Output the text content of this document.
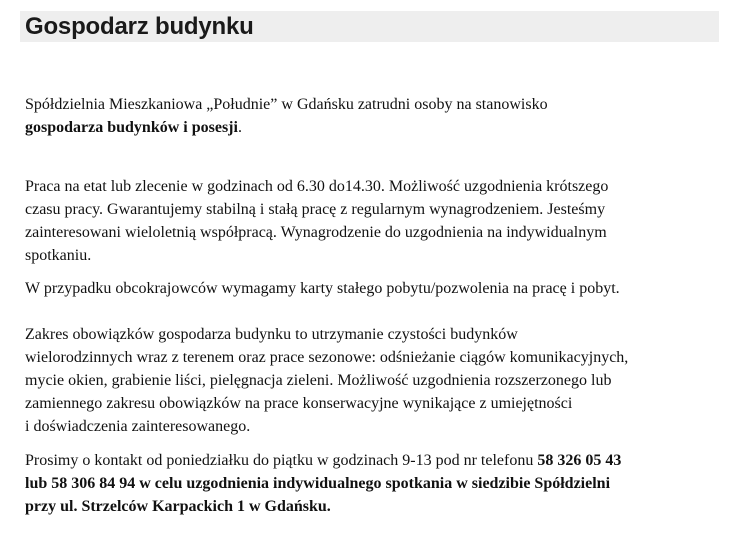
Gospodarz budynku

Spółdzielnia Mieszkaniowa „Południe” w Gdańsku zatrudni osoby na stanowisko
gospodarza budynków i posesji.

Praca na etat lub zlecenie w godzinach od 6.30 do14.30. Możliwość uzgodnienia krótszego
czasu pracy. Gwarantujemy stabilną i stałą pracę z regularnym wynagrodzeniem. Jesteśmy
zainteresowani wieloletnią współpracą. Wynagrodzenie do uzgodnienia na indywidualnym
spotkaniu.

W przypadku obcokrajowców wymagamy karty stałego pobytu/pozwolenia na pracę i pobyt.

Zakres obowiązków gospodarza budynku to utrzymanie czystości budynków
wielorodzinnych wraz z terenem oraz prace sezonowe: odśnieżanie ciągów komunikacyjnych,
mycie okien, grabienie liści, pielęgnacja zieleni. Możliwość uzgodnienia rozszerzonego lub
zamiennego zakresu obowiązków na prace konserwacyjne wynikające z umiejętności
i doświadczenia zainteresowanego.

Prosimy o kontakt od poniedziałku do piątku w godzinach 9-13 pod nr telefonu 58 326 05 43
lub 58 306 84 94 w celu uzgodnienia indywidualnego spotkania w siedzibie Spółdzielni
przy ul. Strzelców Karpackich 1 w Gdańsku.
